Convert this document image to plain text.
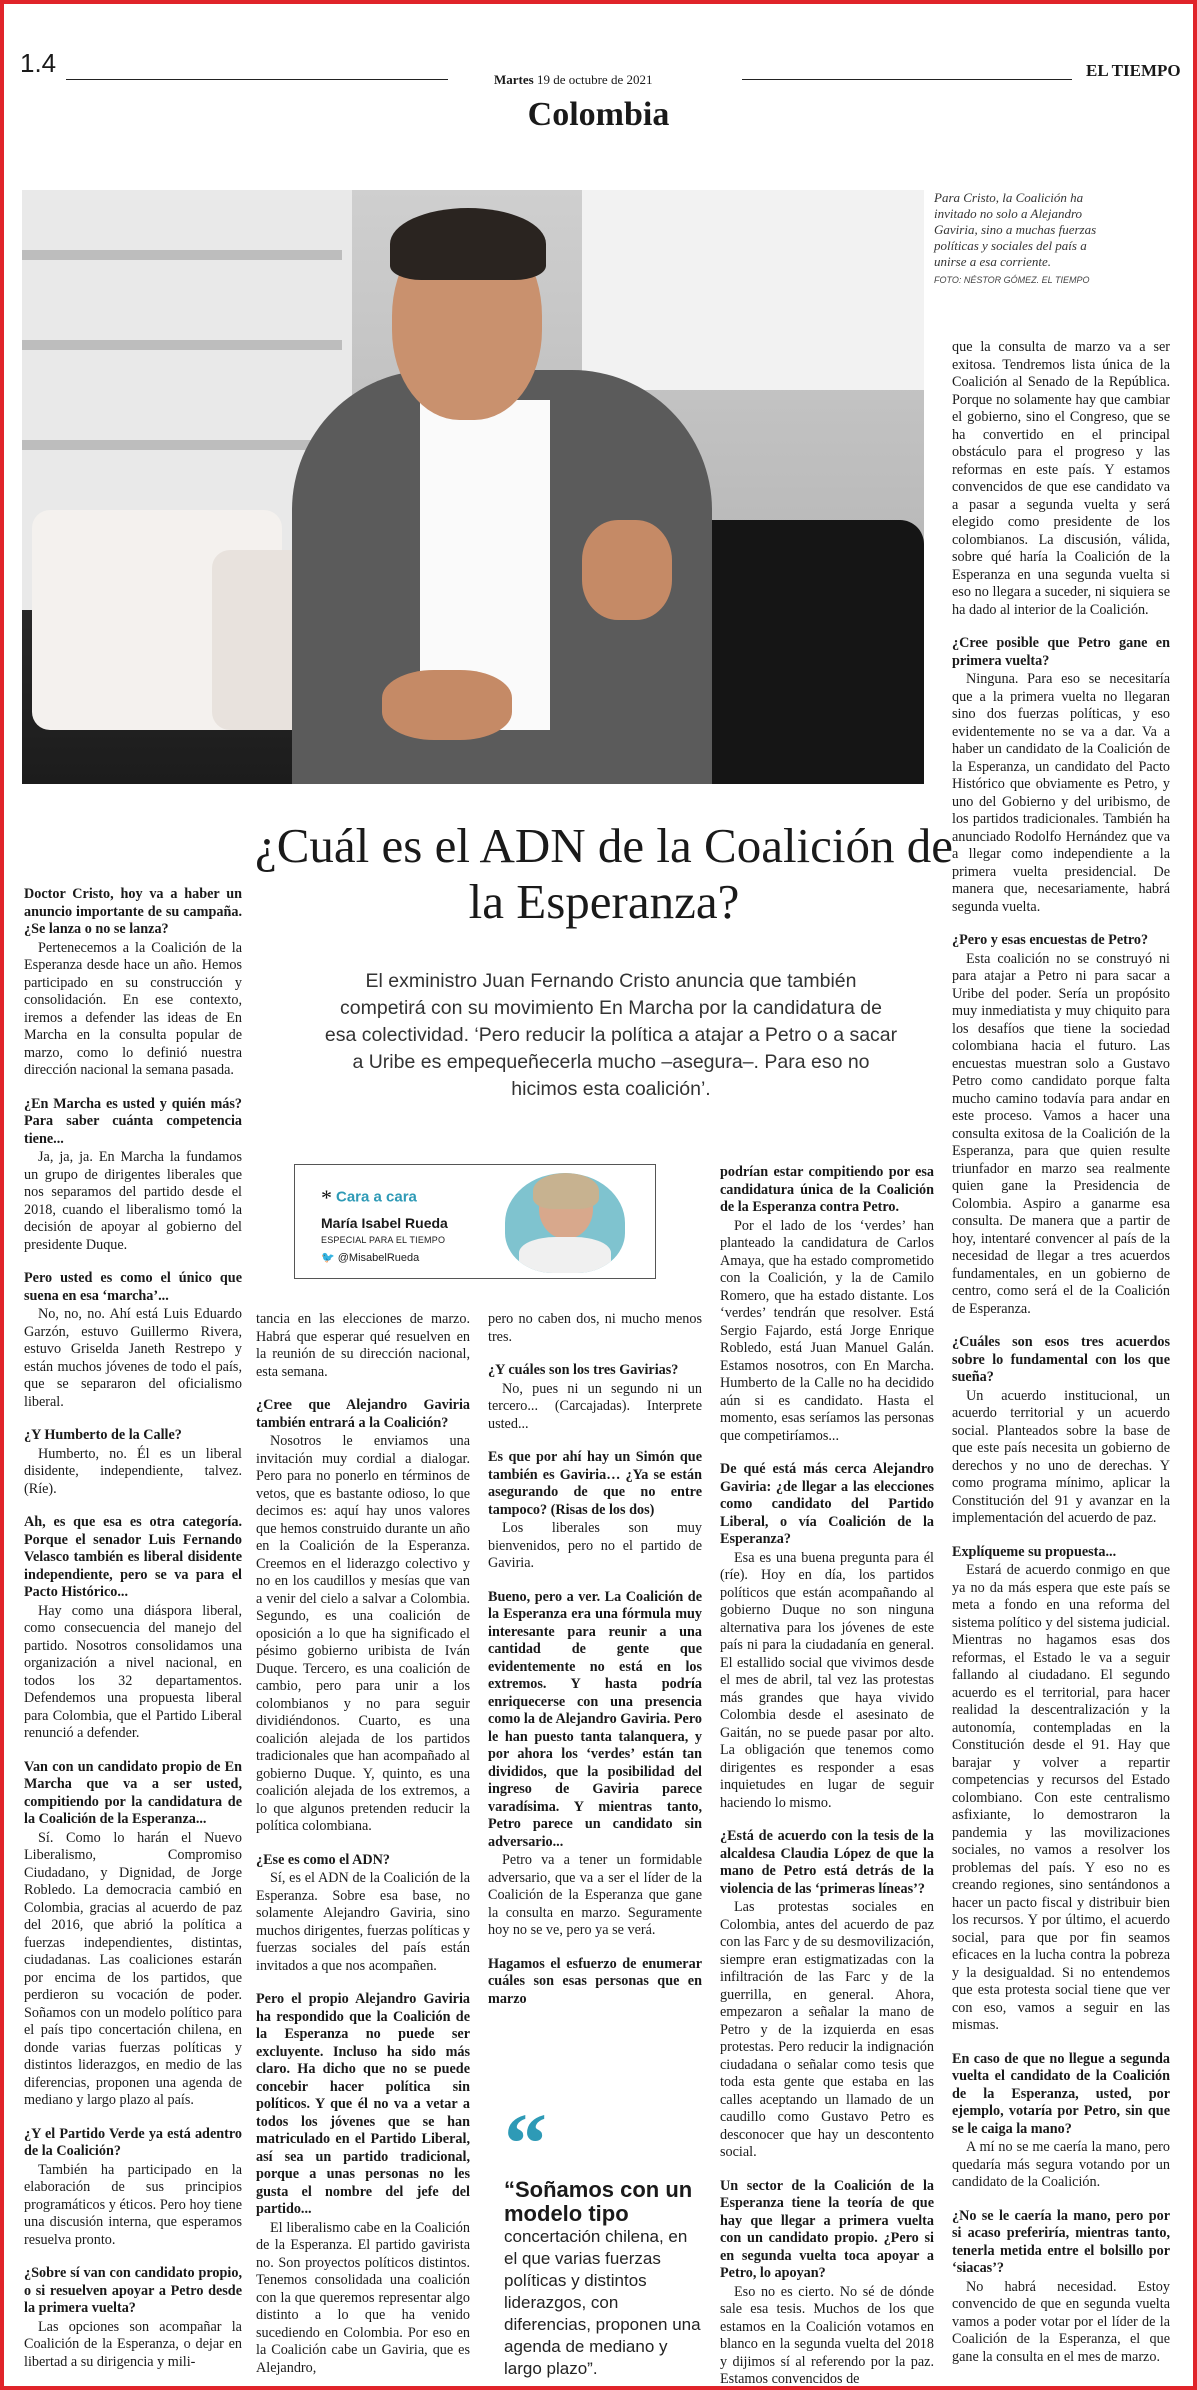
1.4
Martes 19 de octubre de 2021	EL TIEMPO
Colombia
Para Cristo, la Coalición ha invitado no solo a Alejandro Gaviria, sino a muchas fuerzas políticas y sociales del país a unirse a esa corriente.
FOTO: NÉSTOR GÓMEZ. EL TIEMPO
¿Cuál es el ADN de la Coalición de la Esperanza?
El exministro Juan Fernando Cristo anuncia que también competirá con su movimiento En Marcha por la candidatura de esa colectividad. ‘Pero reducir la política a atajar a Petro o a sacar a Uribe es empequeñecerla mucho –asegura–. Para eso no hicimos esta coalición’.
* Cara a cara
María Isabel Rueda
ESPECIAL PARA EL TIEMPO
🐦 @MisabelRueda

Doctor Cristo, hoy va a haber un anuncio importante de su campaña. ¿Se lanza o no se lanza?

Pertenecemos a la Coalición de la Esperanza desde hace un año. Hemos participado en su construcción y consolidación. En ese contexto, iremos a defender las ideas de En Marcha en la consulta popular de marzo, como lo definió nuestra dirección nacional la semana pasada.

¿En Marcha es usted y quién más? Para saber cuánta competencia tiene...

Ja, ja, ja. En Marcha la fundamos un grupo de dirigentes liberales que nos separamos del partido desde el 2018, cuando el liberalismo tomó la decisión de apoyar al gobierno del presidente Duque.

Pero usted es como el único que suena en esa ‘marcha’...

No, no, no. Ahí está Luis Eduardo Garzón, estuvo Guillermo Rivera, estuvo Griselda Janeth Restrepo y están muchos jóvenes de todo el país, que se separaron del oficialismo liberal.

¿Y Humberto de la Calle?

Humberto, no. Él es un liberal disidente, independiente, talvez. (Ríe).

Ah, es que esa es otra categoría. Porque el senador Luis Fernando Velasco también es liberal disidente independiente, pero se va para el Pacto Histórico...

Hay como una diáspora liberal, como consecuencia del manejo del partido. Nosotros consolidamos una organización a nivel nacional, en todos los 32 departamentos. Defendemos una propuesta liberal para Colombia, que el Partido Liberal renunció a defender.

Van con un candidato propio de En Marcha que va a ser usted, compitiendo por la candidatura de la Coalición de la Esperanza...

Sí. Como lo harán el Nuevo Liberalismo, Compromiso Ciudadano, y Dignidad, de Jorge Robledo. La democracia cambió en Colombia, gracias al acuerdo de paz del 2016, que abrió la política a fuerzas independientes, distintas, ciudadanas. Las coaliciones estarán por encima de los partidos, que perdieron su vocación de poder. Soñamos con un modelo político para el país tipo concertación chilena, en donde varias fuerzas políticas y distintos liderazgos, en medio de las diferencias, proponen una agenda de mediano y largo plazo al país.

¿Y el Partido Verde ya está adentro de la Coalición?

También ha participado en la elaboración de sus principios programáticos y éticos. Pero hoy tiene una discusión interna, que esperamos resuelva pronto.

¿Sobre sí van con candidato propio, o si resuelven apoyar a Petro desde la primera vuelta?

Las opciones son acompañar la Coalición de la Esperanza, o dejar en libertad a su dirigencia y mili-

tancia en las elecciones de marzo. Habrá que esperar qué resuelven en la reunión de su dirección nacional, esta semana.

¿Cree que Alejandro Gaviria también entrará a la Coalición?

Nosotros le enviamos una invitación muy cordial a dialogar. Pero para no ponerlo en términos de vetos, que es bastante odioso, lo que decimos es: aquí hay unos valores que hemos construido durante un año en la Coalición de la Esperanza. Creemos en el liderazgo colectivo y no en los caudillos y mesías que van a venir del cielo a salvar a Colombia. Segundo, es una coalición de oposición a lo que ha significado el pésimo gobierno uribista de Iván Duque. Tercero, es una coalición de cambio, pero para unir a los colombianos y no para seguir dividiéndonos. Cuarto, es una coalición alejada de los partidos tradicionales que han acompañado al gobierno Duque. Y, quinto, es una coalición alejada de los extremos, a lo que algunos pretenden reducir la política colombiana.

¿Ese es como el ADN?

Sí, es el ADN de la Coalición de la Esperanza. Sobre esa base, no solamente Alejandro Gaviria, sino muchos dirigentes, fuerzas políticas y fuerzas sociales del país están invitados a que nos acompañen.

Pero el propio Alejandro Gaviria ha respondido que la Coalición de la Esperanza no puede ser excluyente. Incluso ha sido más claro. Ha dicho que no se puede concebir hacer política sin políticos. Y que él no va a vetar a todos los jóvenes que se han matriculado en el Partido Liberal, así sea un partido tradicional, porque a unas personas no les gusta el nombre del jefe del partido...

El liberalismo cabe en la Coalición de la Esperanza. El partido gavirista no. Son proyectos políticos distintos. Tenemos consolidada una coalición con la que queremos representar algo distinto a lo que ha venido sucediendo en Colombia. Por eso en la Coalición cabe un Gaviria, que es Alejandro,

pero no caben dos, ni mucho menos tres.

¿Y cuáles son los tres Gavirias?

No, pues ni un segundo ni un tercero... (Carcajadas). Interprete usted...

Es que por ahí hay un Simón que también es Gaviria… ¿Ya se están asegurando de que no entre tampoco? (Risas de los dos)

Los liberales son muy bienvenidos, pero no el partido de Gaviria.

Bueno, pero a ver. La Coalición de la Esperanza era una fórmula muy interesante para reunir a una cantidad de gente que evidentemente no está en los extremos. Y hasta podría enriquecerse con una presencia como la de Alejandro Gaviria. Pero le han puesto tanta talanquera, y por ahora los ‘verdes’ están tan divididos, que la posibilidad del ingreso de Gaviria parece varadísima. Y mientras tanto, Petro parece un candidato sin adversario...

Petro va a tener un formidable adversario, que va a ser el líder de la Coalición de la Esperanza que gane la consulta en marzo. Seguramente hoy no se ve, pero ya se verá.

Hagamos el esfuerzo de enumerar cuáles son esas personas que en marzo

“
“Soñamos con un modelo tipo
concertación chilena, en el que varias fuerzas políticas y distintos liderazgos, con diferencias, proponen una agenda de mediano y largo plazo”.

podrían estar compitiendo por esa candidatura única de la Coalición de la Esperanza contra Petro.

Por el lado de los ‘verdes’ han planteado la candidatura de Carlos Amaya, que ha estado comprometido con la Coalición, y la de Camilo Romero, que ha estado distante. Los ‘verdes’ tendrán que resolver. Está Sergio Fajardo, está Jorge Enrique Robledo, está Juan Manuel Galán. Estamos nosotros, con En Marcha. Humberto de la Calle no ha decidido aún si es candidato. Hasta el momento, esas seríamos las personas que competiríamos...

De qué está más cerca Alejandro Gaviria: ¿de llegar a las elecciones como candidato del Partido Liberal, o vía Coalición de la Esperanza?

Esa es una buena pregunta para él (ríe). Hoy en día, los partidos políticos que están acompañando al gobierno Duque no son ninguna alternativa para los jóvenes de este país ni para la ciudadanía en general. El estallido social que vivimos desde el mes de abril, tal vez las protestas más grandes que haya vivido Colombia desde el asesinato de Gaitán, no se puede pasar por alto. La obligación que tenemos como dirigentes es responder a esas inquietudes en lugar de seguir haciendo lo mismo.

¿Está de acuerdo con la tesis de la alcaldesa Claudia López de que la mano de Petro está detrás de la violencia de las ‘primeras líneas’?

Las protestas sociales en Colombia, antes del acuerdo de paz con las Farc y de su desmovilización, siempre eran estigmatizadas con la infiltración de las Farc y de la guerrilla, en general. Ahora, empezaron a señalar la mano de Petro y de la izquierda en esas protestas. Pero reducir la indignación ciudadana o señalar como tesis que toda esta gente que estaba en las calles aceptando un llamado de un caudillo como Gustavo Petro es desconocer que hay un descontento social.

Un sector de la Coalición de la Esperanza tiene la teoría de que hay que llegar a primera vuelta con un candidato propio. ¿Pero si en segunda vuelta toca apoyar a Petro, lo apoyan?

Eso no es cierto. No sé de dónde sale esa tesis. Muchos de los que estamos en la Coalición votamos en blanco en la segunda vuelta del 2018 y dijimos sí al referendo por la paz. Estamos convencidos de

que la consulta de marzo va a ser exitosa. Tendremos lista única de la Coalición al Senado de la República. Porque no solamente hay que cambiar el gobierno, sino el Congreso, que se ha convertido en el principal obstáculo para el progreso y las reformas en este país. Y estamos convencidos de que ese candidato va a pasar a segunda vuelta y será elegido como presidente de los colombianos. La discusión, válida, sobre qué haría la Coalición de la Esperanza en una segunda vuelta si eso no llegara a suceder, ni siquiera se ha dado al interior de la Coalición.

¿Cree posible que Petro gane en primera vuelta?

Ninguna. Para eso se necesitaría que a la primera vuelta no llegaran sino dos fuerzas políticas, y eso evidentemente no se va a dar. Va a haber un candidato de la Coalición de la Esperanza, un candidato del Pacto Histórico que obviamente es Petro, y uno del Gobierno y del uribismo, de los partidos tradicionales. También ha anunciado Rodolfo Hernández que va a llegar como independiente a la primera vuelta presidencial. De manera que, necesariamente, habrá segunda vuelta.

¿Pero y esas encuestas de Petro?

Esta coalición no se construyó ni para atajar a Petro ni para sacar a Uribe del poder. Sería un propósito muy inmediatista y muy chiquito para los desafíos que tiene la sociedad colombiana hacia el futuro. Las encuestas muestran solo a Gustavo Petro como candidato porque falta mucho camino todavía para andar en este proceso. Vamos a hacer una consulta exitosa de la Coalición de la Esperanza, para que quien resulte triunfador en marzo sea realmente quien gane la Presidencia de Colombia. Aspiro a ganarme esa consulta. De manera que a partir de hoy, intentaré convencer al país de la necesidad de llegar a tres acuerdos fundamentales, en un gobierno de centro, como será el de la Coalición de Esperanza.

¿Cuáles son esos tres acuerdos sobre lo fundamental con los que sueña?

Un acuerdo institucional, un acuerdo territorial y un acuerdo social. Planteados sobre la base de que este país necesita un gobierno de derechos y no uno de derechas. Y como programa mínimo, aplicar la Constitución del 91 y avanzar en la implementación del acuerdo de paz.

Explíqueme su propuesta...

Estará de acuerdo conmigo en que ya no da más espera que este país se meta a fondo en una reforma del sistema político y del sistema judicial. Mientras no hagamos esas dos reformas, el Estado le va a seguir fallando al ciudadano. El segundo acuerdo es el territorial, para hacer realidad la descentralización y la autonomía, contempladas en la Constitución desde el 91. Hay que barajar y volver a repartir competencias y recursos del Estado colombiano. Con este centralismo asfixiante, lo demostraron la pandemia y las movilizaciones sociales, no vamos a resolver los problemas del país. Y eso no es creando regiones, sino sentándonos a hacer un pacto fiscal y distribuir bien los recursos. Y por último, el acuerdo social, para que por fin seamos eficaces en la lucha contra la pobreza y la desigualdad. Si no entendemos que esta protesta social tiene que ver con eso, vamos a seguir en las mismas.

En caso de que no llegue a segunda vuelta el candidato de la Coalición de la Esperanza, usted, por ejemplo, votaría por Petro, sin que se le caiga la mano?

A mí no se me caería la mano, pero quedaría más segura votando por un candidato de la Coalición.

¿No se le caería la mano, pero por si acaso preferiría, mientras tanto, tenerla metida entre el bolsillo por ‘siacas’?

No habrá necesidad. Estoy convencido de que en segunda vuelta vamos a poder votar por el líder de la Coalición de la Esperanza, el que gane la consulta en el mes de marzo.
